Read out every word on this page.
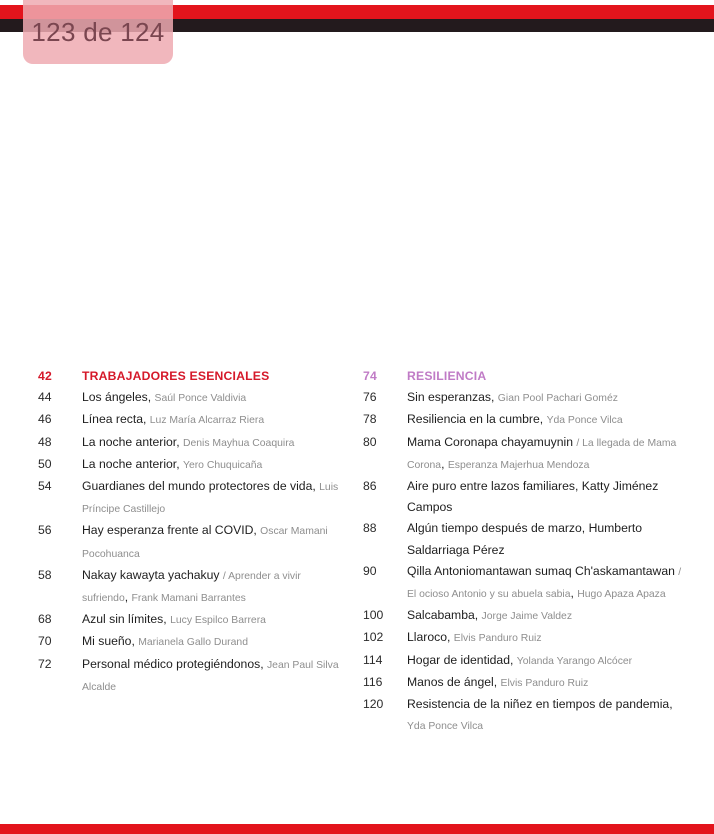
123 de 124
42	TRABAJADORES ESENCIALES
44	Los ángeles, Saúl Ponce Valdivia
46	Línea recta, Luz María Alcarraz Riera
48	La noche anterior, Denis Mayhua Coaquira
50	La noche anterior, Yero Chuquicaña
54	Guardianes del mundo protectores de vida, Luis Príncipe Castillejo
56	Hay esperanza frente al COVID, Oscar Mamani Pocohuanca
58	Nakay kawayta yachakuy / Aprender a vivir sufriendo, Frank Mamani Barrantes
68	Azul sin límites, Lucy Espilco Barrera
70	Mi sueño, Marianela Gallo Durand
72	Personal médico protegiéndonos, Jean Paul Silva Alcalde
74	RESILIENCIA
76	Sin esperanzas, Gian Pool Pachari Goméz
78	Resiliencia en la cumbre, Yda Ponce Vilca
80	Mama Coronapa chayamuynin / La llegada de Mama Corona, Esperanza Majerhua Mendoza
86	Aire puro entre lazos familiares, Katty Jiménez Campos
88	Algún tiempo después de marzo, Humberto Saldarriaga Pérez
90	Qilla Antoniomantawan sumaq Ch'askamantawan / El ocioso Antonio y su abuela sabia, Hugo Apaza Apaza
100	Salcabamba, Jorge Jaime Valdez
102	Llaroco, Elvis Panduro Ruiz
114	Hogar de identidad, Yolanda Yarango Alcócer
116	Manos de ángel, Elvis Panduro Ruiz
120	Resistencia de la niñez en tiempos de pandemia, Yda Ponce Vilca
